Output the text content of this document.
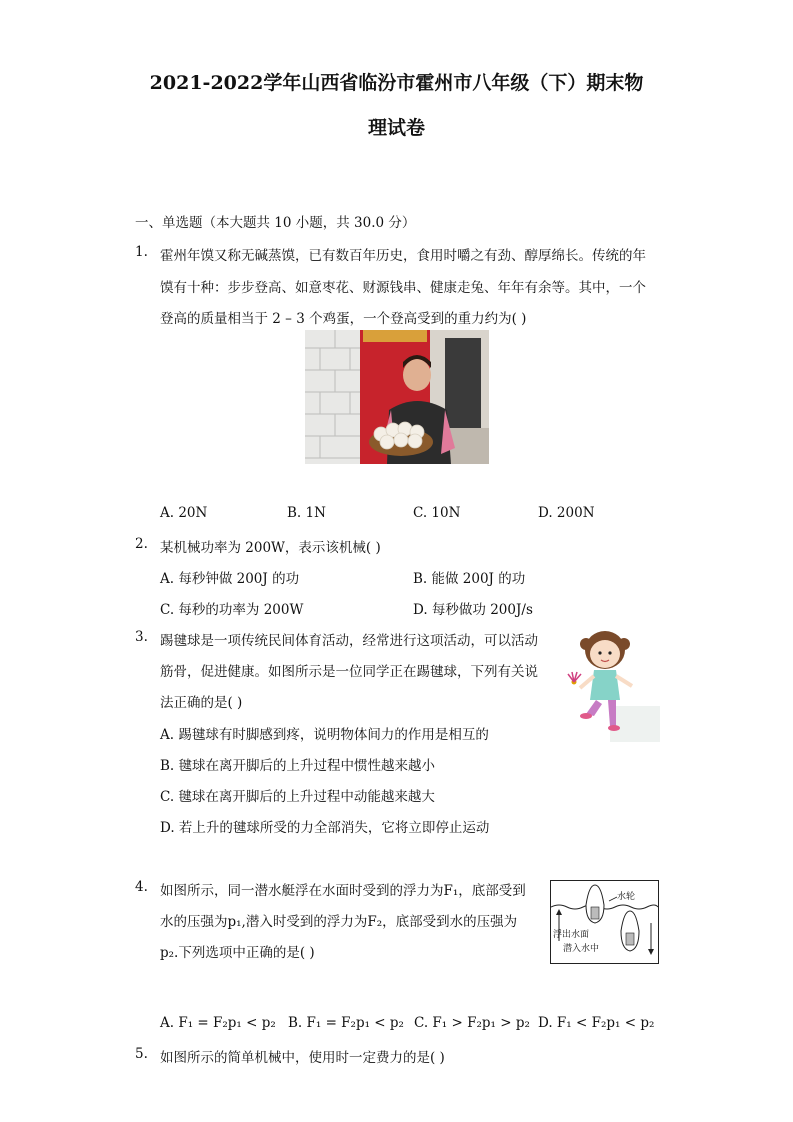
2021-2022学年山西省临汾市霍州市八年级（下）期末物
理试卷
一、单选题（本大题共 10 小题，共 30.0 分）
1. 霍州年馍又称无碱蒸馍，已有数百年历史，食用时嚼之有劲、醇厚绵长。传统的年
馍有十种：步步登高、如意枣花、财源钱串、健康走兔、年年有余等。其中，一个
登高的质量相当于 2 – 3 个鸡蛋，一个登高受到的重力约为( )
A. 20N	B. 1N	C. 10N	D. 200N
2. 某机械功率为 200W，表示该机械( )
A. 每秒钟做 200J 的功	B. 能做 200J 的功
C. 每秒的功率为 200W	D. 每秒做功 200J/s
3. 踢毽球是一项传统民间体育活动，经常进行这项活动，可以活动
筋骨，促进健康。如图所示是一位同学正在踢毽球，下列有关说
法正确的是( )
A. 踢毽球有时脚感到疼，说明物体间力的作用是相互的
B. 毽球在离开脚后的上升过程中惯性越来越小
C. 毽球在离开脚后的上升过程中动能越来越大
D. 若上升的毽球所受的力全部消失，它将立即停止运动
4. 如图所示，同一潜水艇浮在水面时受到的浮力为F₁，底部受到
水的压强为p₁,潜入时受到的浮力为F₂，底部受到水的压强为
p₂.下列选项中正确的是( )
水轮
浮出水面
潜入水中
A. F₁ = F₂p₁ < p₂ B. F₁ = F₂p₁ < p₂ C. F₁ > F₂p₁ > p₂ D. F₁ < F₂p₁ < p₂
5. 如图所示的简单机械中，使用时一定费力的是( )
